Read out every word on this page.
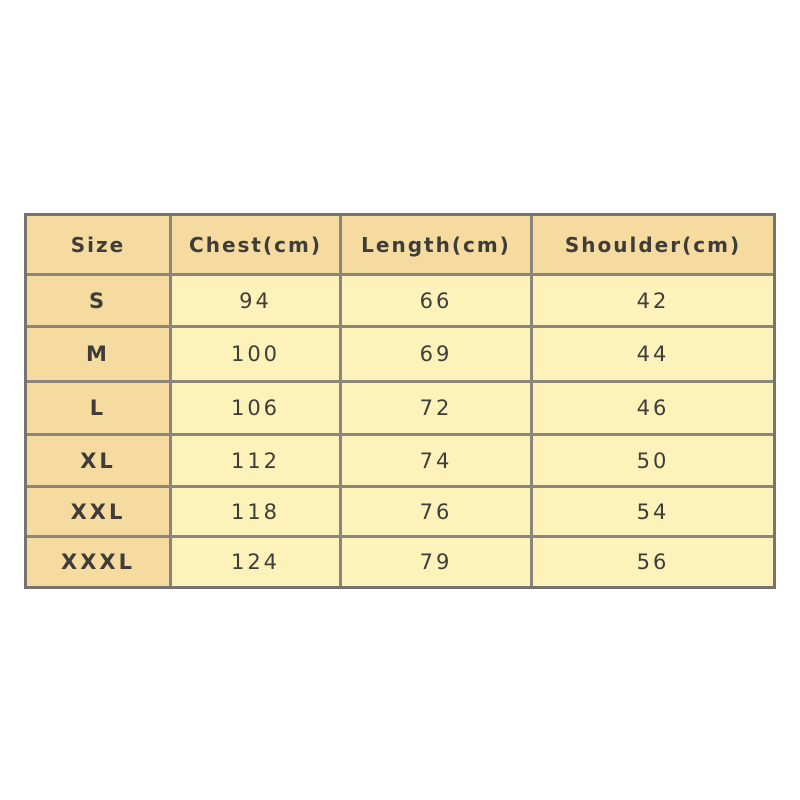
Size	Chest(cm)	Length(cm)	Shoulder(cm)
S	94	66	42
M	100	69	44
L	106	72	46
XL	112	74	50
XXL	118	76	54
XXXL	124	79	56
